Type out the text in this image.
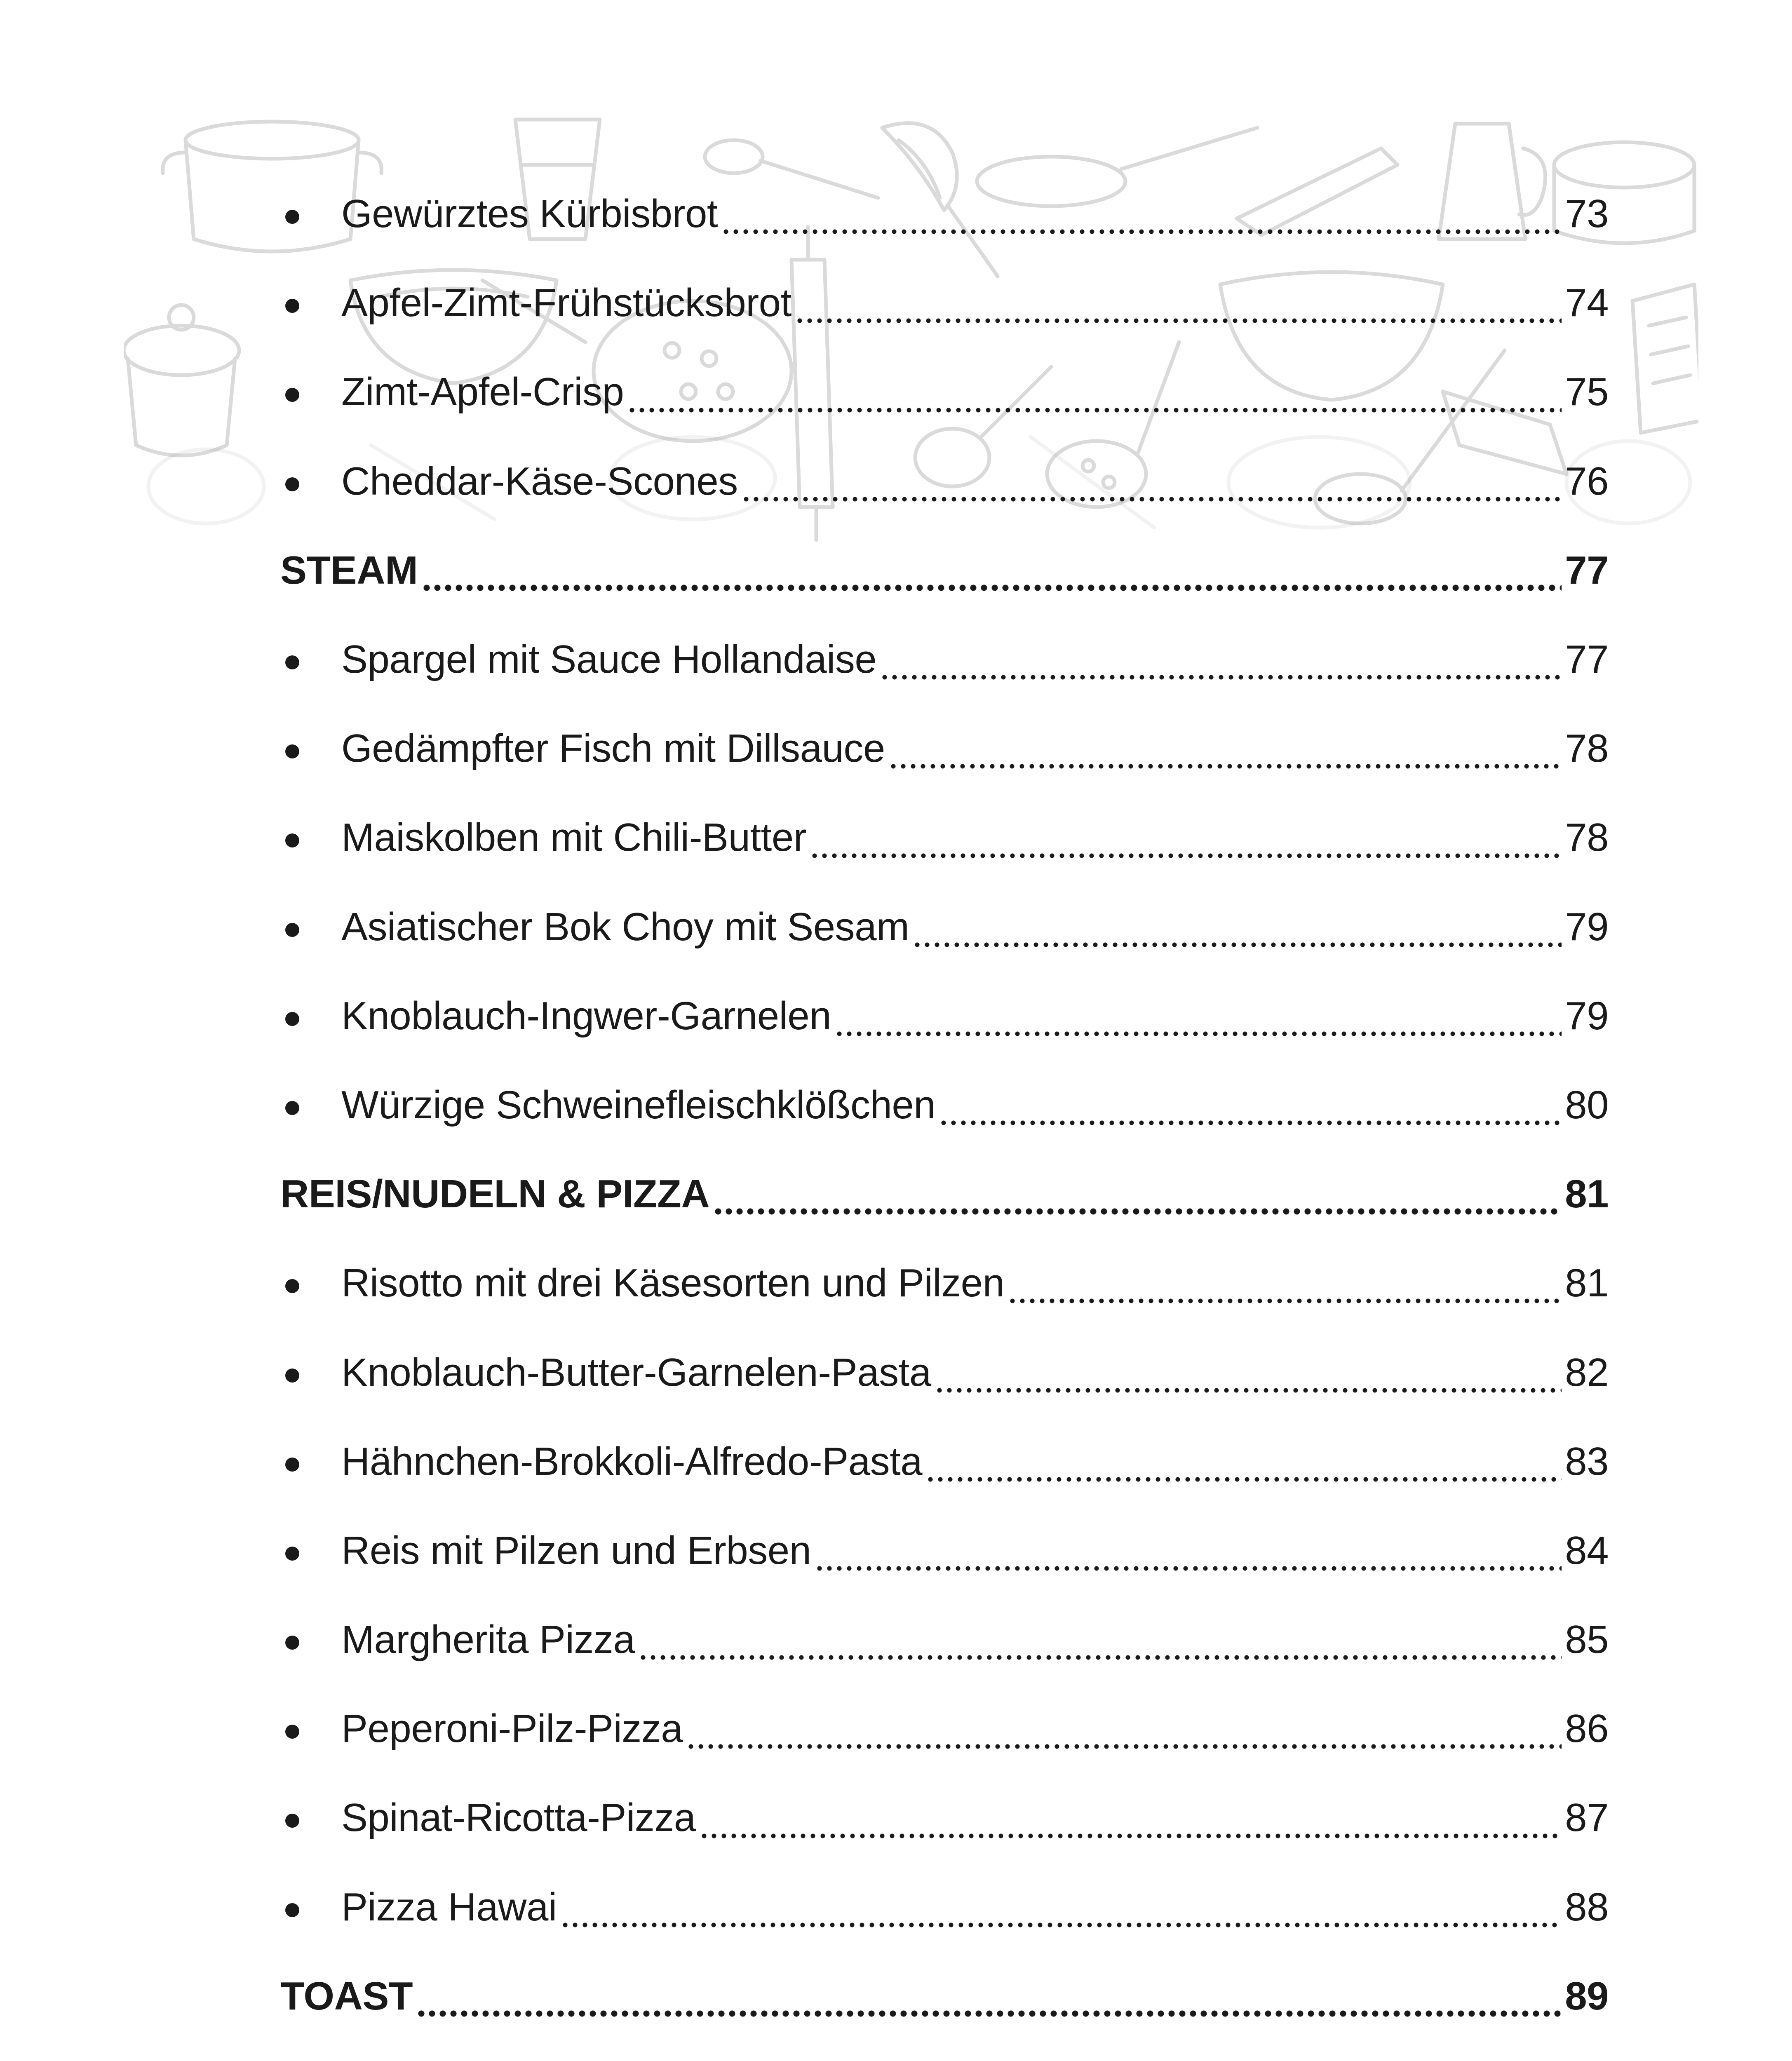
Gewürztes Kürbisbrot	73
Apfel-Zimt-Frühstücksbrot	74
Zimt-Apfel-Crisp	75
Cheddar-Käse-Scones	76
STEAM	77
Spargel mit Sauce Hollandaise	77
Gedämpfter Fisch mit Dillsauce	78
Maiskolben mit Chili-Butter	78
Asiatischer Bok Choy mit Sesam	79
Knoblauch-Ingwer-Garnelen	79
Würzige Schweinefleischklößchen	80
REIS/NUDELN & PIZZA	81
Risotto mit drei Käsesorten und Pilzen	81
Knoblauch-Butter-Garnelen-Pasta	82
Hähnchen-Brokkoli-Alfredo-Pasta	83
Reis mit Pilzen und Erbsen	84
Margherita Pizza	85
Peperoni-Pilz-Pizza	86
Spinat-Ricotta-Pizza	87
Pizza Hawai	88
TOAST	89
